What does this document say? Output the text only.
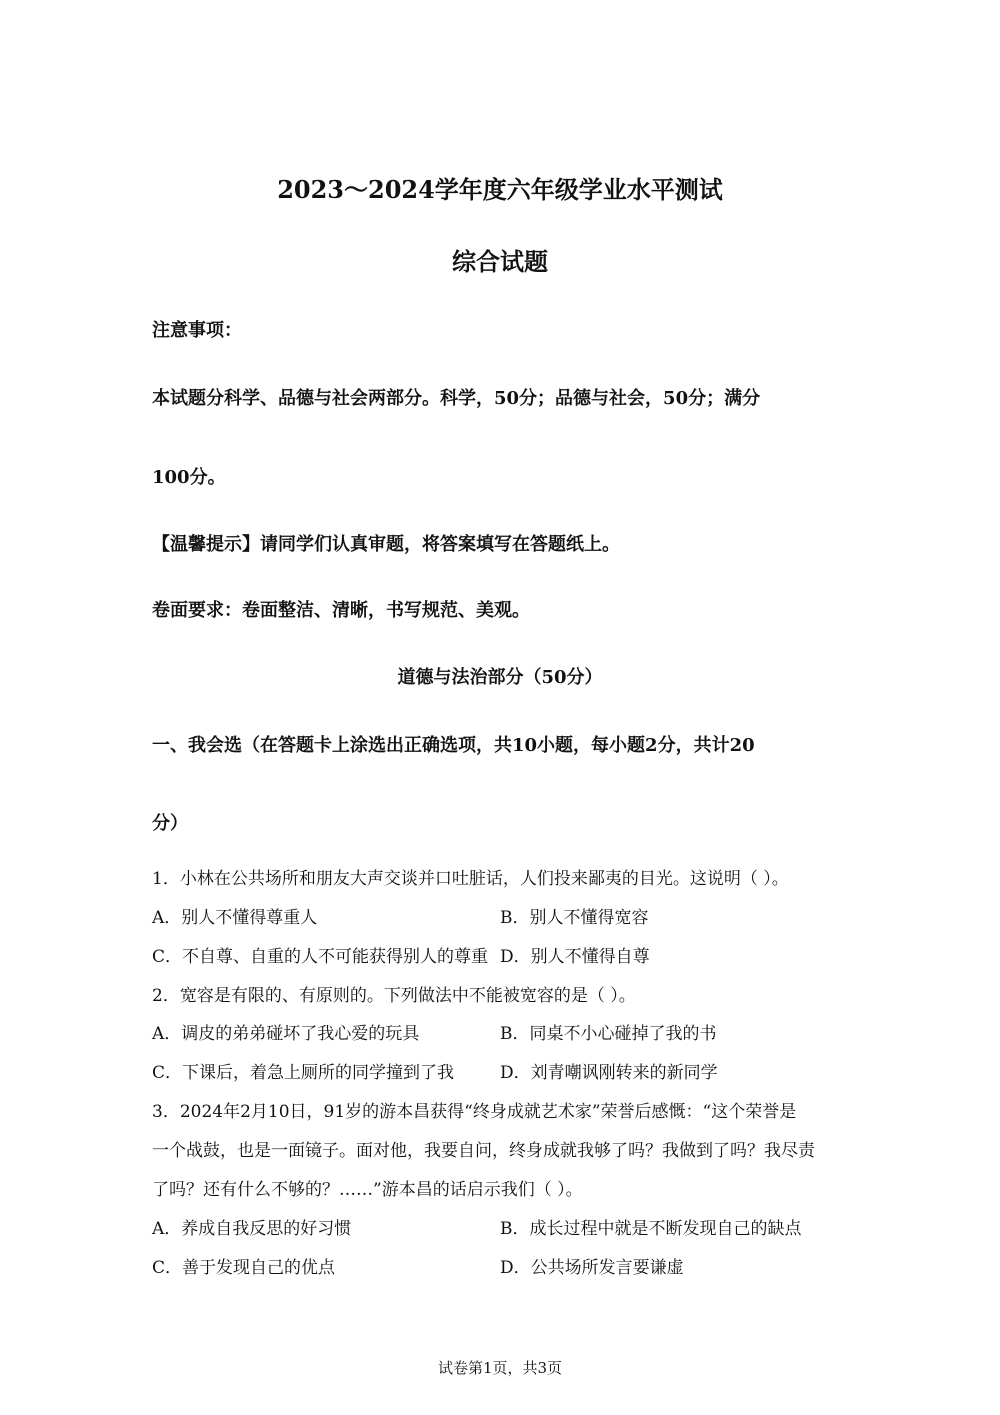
2023～2024学年度六年级学业水平测试
综合试题
注意事项：
本试题分科学、品德与社会两部分。科学，50分；品德与社会，50分；满分
100分。
【温馨提示】请同学们认真审题，将答案填写在答题纸上。
卷面要求：卷面整洁、清晰，书写规范、美观。
道德与法治部分（50分）
一、我会选（在答题卡上涂选出正确选项，共10小题，每小题2分，共计20
分）
1．小林在公共场所和朋友大声交谈并口吐脏话，人们投来鄙夷的目光。这说明（ ）。
A．别人不懂得尊重人	B．别人不懂得宽容
C．不自尊、自重的人不可能获得别人的尊重 D．别人不懂得自尊
2．宽容是有限的、有原则的。下列做法中不能被宽容的是（ ）。
A．调皮的弟弟碰坏了我心爱的玩具	B．同桌不小心碰掉了我的书
C．下课后，着急上厕所的同学撞到了我	D．刘青嘲讽刚转来的新同学
3．2024年2月10日，91岁的游本昌获得“终身成就艺术家”荣誉后感慨：“这个荣誉是
一个战鼓，也是一面镜子。面对他，我要自问，终身成就我够了吗？我做到了吗？我尽责
了吗？还有什么不够的？……”游本昌的话启示我们（ ）。
A．养成自我反思的好习惯	B．成长过程中就是不断发现自己的缺点
C．善于发现自己的优点	D．公共场所发言要谦虚
试卷第1页，共3页
